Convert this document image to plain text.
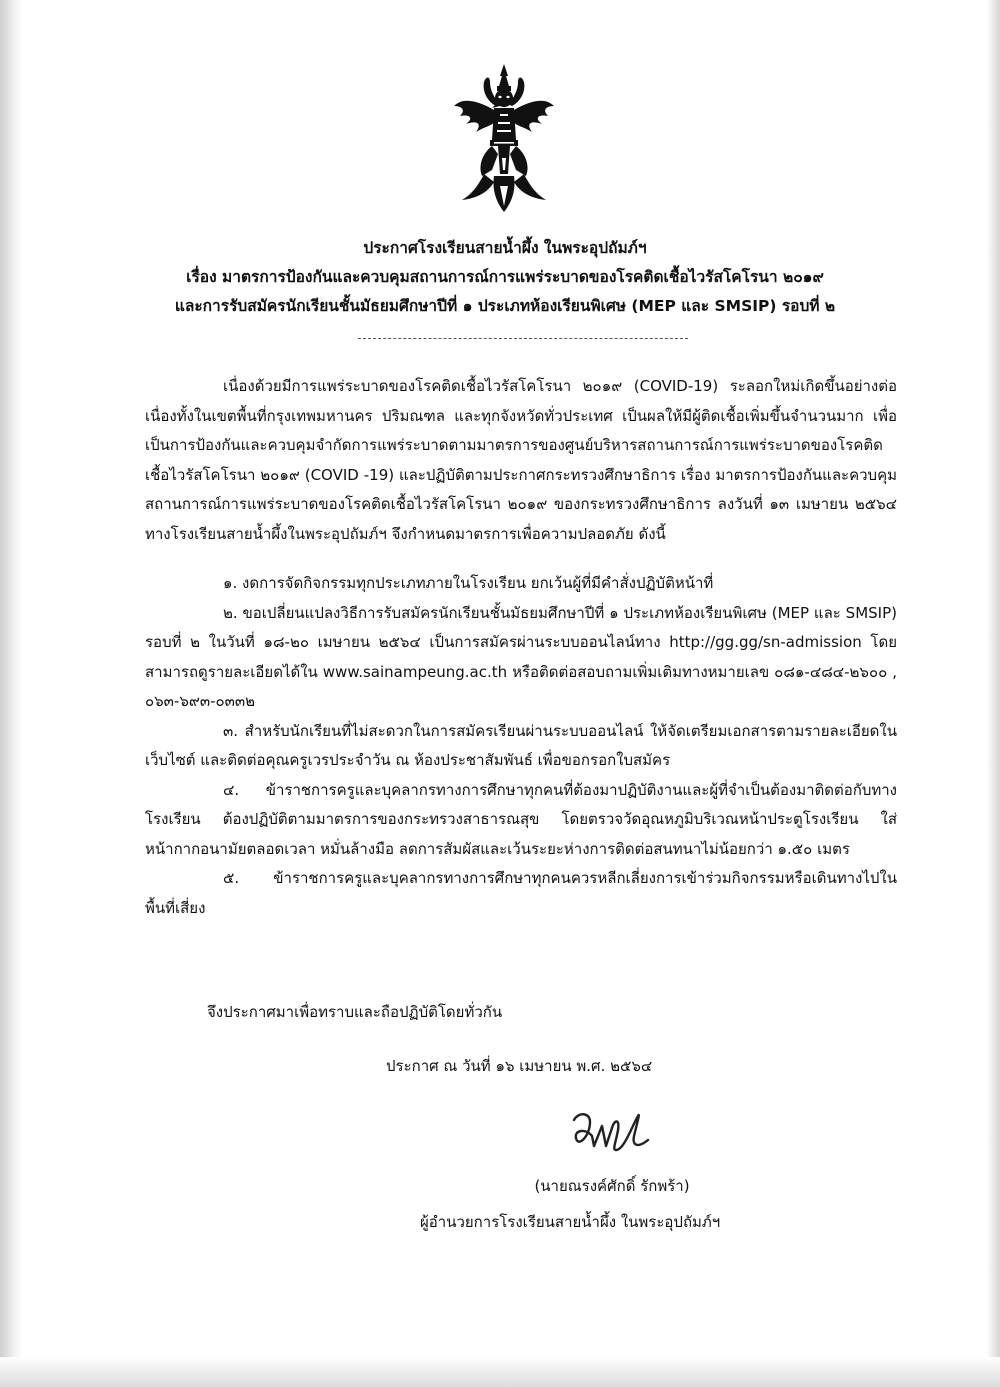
ประกาศโรงเรียนสายน้ำผึ้ง ในพระอุปถัมภ์ฯ

เรื่อง มาตรการป้องกันและควบคุมสถานการณ์การแพร่ระบาดของโรคติดเชื้อไวรัสโคโรนา ๒๐๑๙

และการรับสมัครนักเรียนชั้นมัธยมศึกษาปีที่ ๑ ประเภทห้องเรียนพิเศษ (MEP และ SMSIP) รอบที่ ๒

เนื่องด้วยมีการแพร่ระบาดของโรคติดเชื้อไวรัสโคโรนา ๒๐๑๙ (COVID-19) ระลอกใหม่เกิดขึ้นอย่างต่อเนื่องทั้งในเขตพื้นที่กรุงเทพมหานคร ปริมณฑล และทุกจังหวัดทั่วประเทศ เป็นผลให้มีผู้ติดเชื้อเพิ่มขึ้นจำนวนมาก เพื่อเป็นการป้องกันและควบคุมจำกัดการแพร่ระบาดตามมาตรการของศูนย์บริหารสถานการณ์การแพร่ระบาดของโรคติดเชื้อไวรัสโคโรนา ๒๐๑๙ (COVID -19) และปฏิบัติตามประกาศกระทรวงศึกษาธิการ เรื่อง มาตรการป้องกันและควบคุมสถานการณ์การแพร่ระบาดของโรคติดเชื้อไวรัสโคโรนา ๒๐๑๙ ของกระทรวงศึกษาธิการ ลงวันที่ ๑๓ เมษายน ๒๕๖๔ ทางโรงเรียนสายน้ำผึ้งในพระอุปถัมภ์ฯ จึงกำหนดมาตรการเพื่อความปลอดภัย ดังนี้

๑. งดการจัดกิจกรรมทุกประเภทภายในโรงเรียน ยกเว้นผู้ที่มีคำสั่งปฏิบัติหน้าที่

๒. ขอเปลี่ยนแปลงวิธีการรับสมัครนักเรียนชั้นมัธยมศึกษาปีที่ ๑ ประเภทห้องเรียนพิเศษ (MEP และ SMSIP) รอบที่ ๒ ในวันที่ ๑๘-๒๐ เมษายน ๒๕๖๔ เป็นการสมัครผ่านระบบออนไลน์ทาง http://gg.gg/sn-admission โดยสามารถดูรายละเอียดได้ใน www.sainampeung.ac.th หรือติดต่อสอบถามเพิ่มเติมทางหมายเลข ๐๘๑-๔๘๔-๒๖๐๐ , ๐๖๓-๖๙๓-๐๓๓๒

๓. สำหรับนักเรียนที่ไม่สะดวกในการสมัครเรียนผ่านระบบออนไลน์ ให้จัดเตรียมเอกสารตามรายละเอียดในเว็บไซต์ และติดต่อคุณครูเวรประจำวัน ณ ห้องประชาสัมพันธ์ เพื่อขอกรอกใบสมัคร

๔. ข้าราชการครูและบุคลากรทางการศึกษาทุกคนที่ต้องมาปฏิบัติงานและผู้ที่จำเป็นต้องมาติดต่อกับทางโรงเรียน ต้องปฏิบัติตามมาตรการของกระทรวงสาธารณสุข โดยตรวจวัดอุณหภูมิบริเวณหน้าประตูโรงเรียน ใส่หน้ากากอนามัยตลอดเวลา หมั่นล้างมือ ลดการสัมผัสและเว้นระยะห่างการติดต่อสนทนาไม่น้อยกว่า ๑.๕๐ เมตร

๕. ข้าราชการครูและบุคลากรทางการศึกษาทุกคนควรหลีกเลี่ยงการเข้าร่วมกิจกรรมหรือเดินทางไปในพื้นที่เสี่ยง

จึงประกาศมาเพื่อทราบและถือปฏิบัติโดยทั่วกัน
ประกาศ ณ วันที่ ๑๖ เมษายน พ.ศ. ๒๕๖๔
(นายณรงค์ศักดิ์ รักพร้า)
ผู้อำนวยการโรงเรียนสายน้ำผึ้ง ในพระอุปถัมภ์ฯ
